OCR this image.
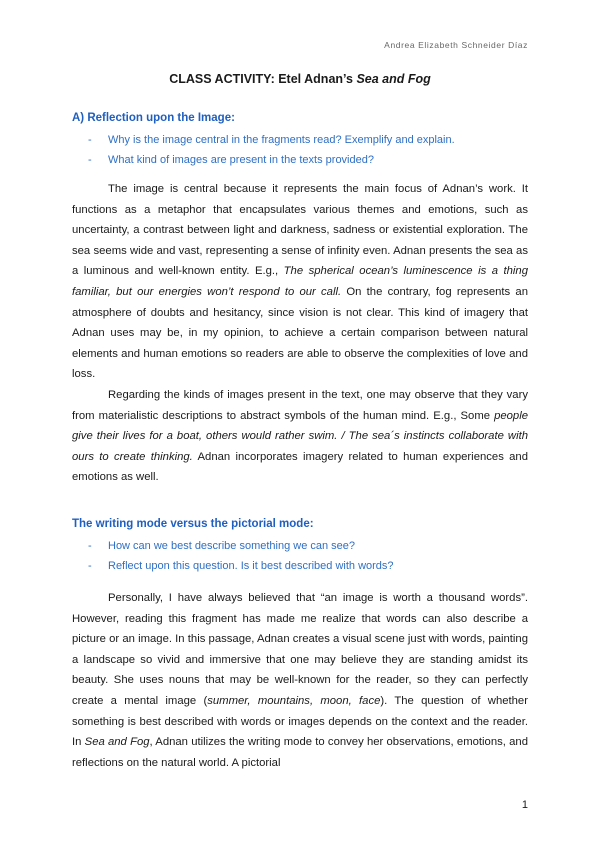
Andrea Elizabeth Schneider Díaz
CLASS ACTIVITY: Etel Adnan’s Sea and Fog
A) Reflection upon the Image:
- Why is the image central in the fragments read? Exemplify and explain.
- What kind of images are present in the texts provided?

The image is central because it represents the main focus of Adnan’s work. It functions as a metaphor that encapsulates various themes and emotions, such as uncertainty, a contrast between light and darkness, sadness or existential exploration. The sea seems wide and vast, representing a sense of infinity even. Adnan presents the sea as a luminous and well-known entity. E.g., The spherical ocean’s luminescence is a thing familiar, but our energies won’t respond to our call. On the contrary, fog represents an atmosphere of doubts and hesitancy, since vision is not clear. This kind of imagery that Adnan uses may be, in my opinion, to achieve a certain comparison between natural elements and human emotions so readers are able to observe the complexities of love and loss.

Regarding the kinds of images present in the text, one may observe that they vary from materialistic descriptions to abstract symbols of the human mind. E.g., Some people give their lives for a boat, others would rather swim. / The sea´s instincts collaborate with ours to create thinking. Adnan incorporates imagery related to human experiences and emotions as well.

The writing mode versus the pictorial mode:
- How can we best describe something we can see?
- Reflect upon this question. Is it best described with words?

Personally, I have always believed that “an image is worth a thousand words”. However, reading this fragment has made me realize that words can also describe a picture or an image. In this passage, Adnan creates a visual scene just with words, painting a landscape so vivid and immersive that one may believe they are standing amidst its beauty. She uses nouns that may be well-known for the reader, so they can perfectly create a mental image (summer, mountains, moon, face). The question of whether something is best described with words or images depends on the context and the reader. In Sea and Fog, Adnan utilizes the writing mode to convey her observations, emotions, and reflections on the natural world. A pictorial

1
